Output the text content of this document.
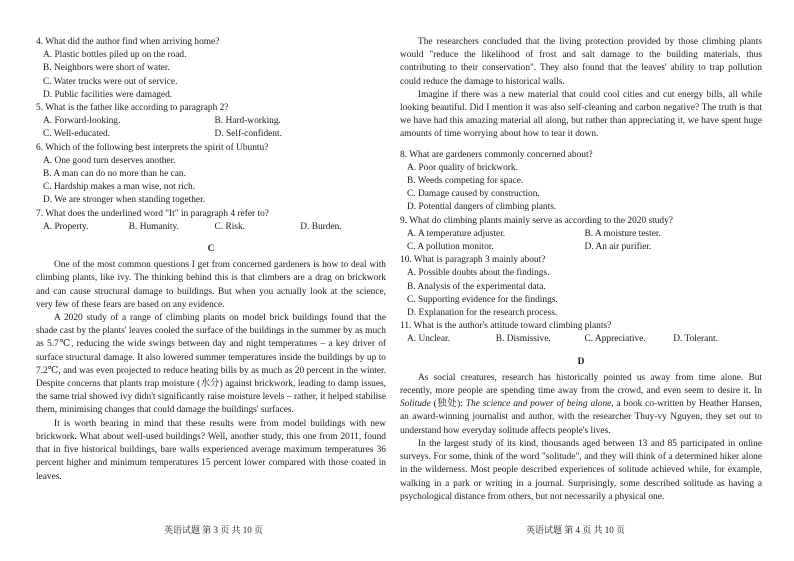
4. What did the author find when arriving home?

A. Plastic bottles piled up on the road.

B. Neighbors were short of water.

C. Water trucks were out of service.

D. Public facilities were damaged.

5. What is the father like according to paragraph 2?

A. Forward-looking.	B. Hard-working.
C. Well-educated.	D. Self-confident.

6. Which of the following best interprets the spirit of Ubuntu?

A. One good turn deserves another.

B. A man can do no more than he can.

C. Hardship makes a man wise, not rich.

D. We are stronger when standing together.

7. What does the underlined word "It" in paragraph 4 refer to?

A. Property.	B. Humanity.	C. Risk.	D. Burden.

C

One of the most common questions I get from concerned gardeners is how to deal with climbing plants, like ivy. The thinking behind this is that climbers are a drag on brickwork and can cause structural damage to buildings. But when you actually look at the science, very few of these fears are based on any evidence.

A 2020 study of a range of climbing plants on model brick buildings found that the shade cast by the plants' leaves cooled the surface of the buildings in the summer by as much as 5.7℃, reducing the wide swings between day and night temperatures – a key driver of surface structural damage. It also lowered summer temperatures inside the buildings by up to 7.2℃, and was even projected to reduce heating bills by as much as 20 percent in the winter. Despite concerns that plants trap moisture (水分) against brickwork, leading to damp issues, the same trial showed ivy didn't significantly raise moisture levels – rather, it helped stabilise them, minimising changes that could damage the buildings' surfaces.

It is worth bearing in mind that these results were from model buildings with new brickwork. What about well-used buildings? Well, another study, this one from 2011, found that in five historical buildings, bare walls experienced average maximum temperatures 36 percent higher and minimum temperatures 15 percent lower compared with those coated in leaves.

The researchers concluded that the living protection provided by those climbing plants would "reduce the likelihood of frost and salt damage to the building materials, thus contributing to their conservation". They also found that the leaves' ability to trap pollution could reduce the damage to historical walls.

Imagine if there was a new material that could cool cities and cut energy bills, all while looking beautiful. Did I mention it was also self-cleaning and carbon negative? The truth is that we have had this amazing material all along, but rather than appreciating it, we have spent huge amounts of time worrying about how to tear it down.

8. What are gardeners commonly concerned about?

A. Poor quality of brickwork.

B. Weeds competing for space.

C. Damage caused by construction.

D. Potential dangers of climbing plants.

9. What do climbing plants mainly serve as according to the 2020 study?

A. A temperature adjuster.	B. A moisture tester.
C. A pollution monitor.	D. An air purifier.

10. What is paragraph 3 mainly about?

A. Possible doubts about the findings.

B. Analysis of the experimental data.

C. Supporting evidence for the findings.

D. Explanation for the research process.

11. What is the author's attitude toward climbing plants?

A. Unclear.	B. Dismissive.	C. Appreciative.	D. Tolerant.

D

As social creatures, research has historically pointed us away from time alone. But recently, more people are spending time away from the crowd, and even seem to desire it. In Solitude (独处): The science and power of being alone, a book co-written by Heather Hansen, an award-winning journalist and author, with the researcher Thuy-vy Nguyen, they set out to understand how everyday solitude affects people's lives.

In the largest study of its kind, thousands aged between 13 and 85 participated in online surveys. For some, think of the word "solitude", and they will think of a determined hiker alone in the wilderness. Most people described experiences of solitude achieved while, for example, walking in a park or writing in a journal. Surprisingly, some described solitude as having a psychological distance from others, but not necessarily a physical one.

英语试题 第 3 页 共 10 页	英语试题 第 4 页 共 10 页
